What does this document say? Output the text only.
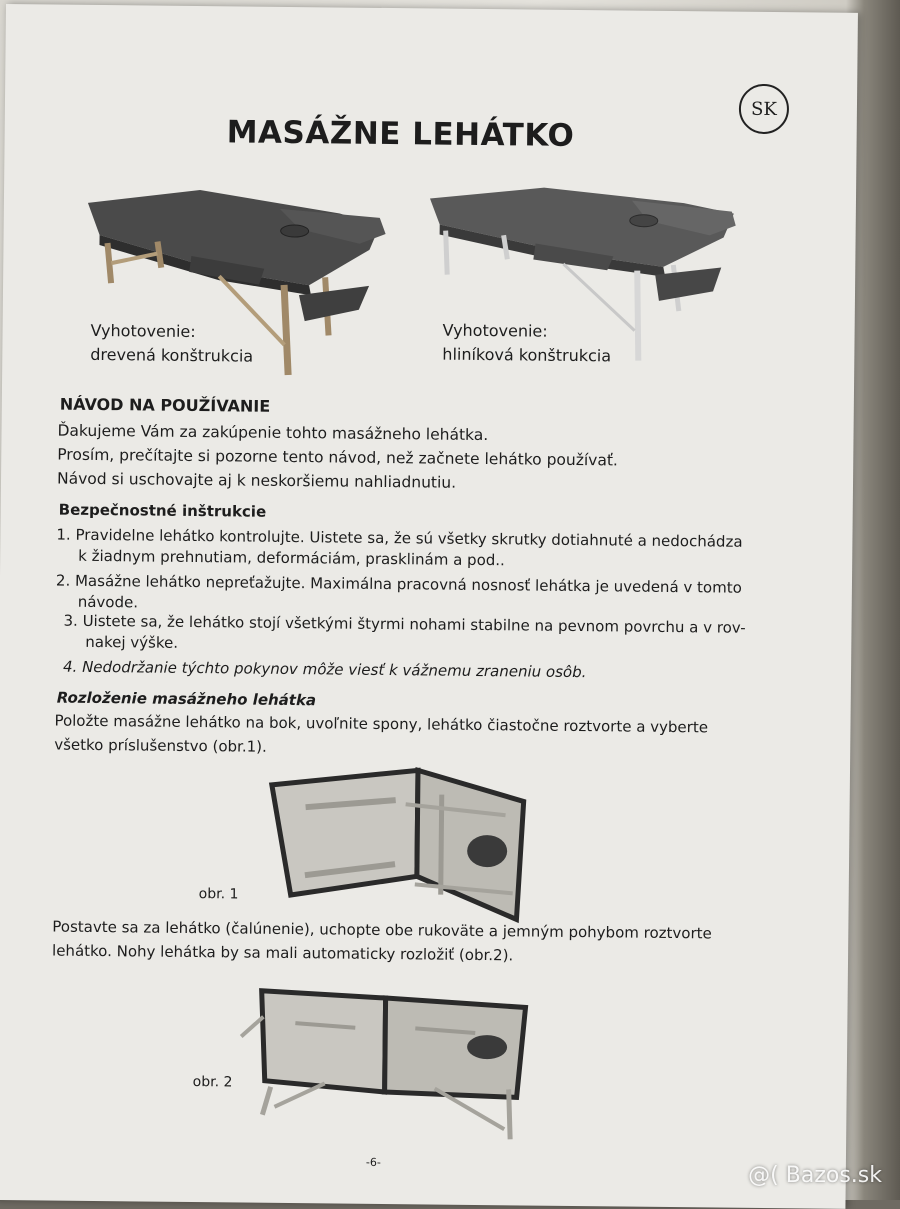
SK
MASÁŽNE LEHÁTKO
Vyhotovenie:
drevená konštrukcia
Vyhotovenie:
hliníková konštrukcia
NÁVOD NA POUŽÍVANIE
Ďakujeme Vám za zakúpenie tohto masážneho lehátka.
Prosím, prečítajte si pozorne tento návod, než začnete lehátko používať.
Návod si uschovajte aj k neskoršiemu nahliadnutiu.
Bezpečnostné inštrukcie
1. Pravidelne lehátko kontrolujte. Uistete sa, že sú všetky skrutky dotiahnuté a nedochádza
k žiadnym prehnutiam, deformáciám, prasklinám a pod..
2. Masážne lehátko nepreťažujte. Maximálna pracovná nosnosť lehátka je uvedená v tomto
návode.
3. Uistete sa, že lehátko stojí všetkými štyrmi nohami stabilne na pevnom povrchu a v rov-
nakej výške.
4. Nedodržanie týchto pokynov môže viesť k vážnemu zraneniu osôb.
Rozloženie masážneho lehátka
Položte masážne lehátko na bok, uvoľnite spony, lehátko čiastočne roztvorte a vyberte
všetko príslušenstvo (obr.1).
obr. 1
Postavte sa za lehátko (čalúnenie), uchopte obe rukoväte a jemným pohybom roztvorte
lehátko. Nohy lehátka by sa mali automaticky rozložiť (obr.2).
obr. 2
-6-
@( Bazos.sk
